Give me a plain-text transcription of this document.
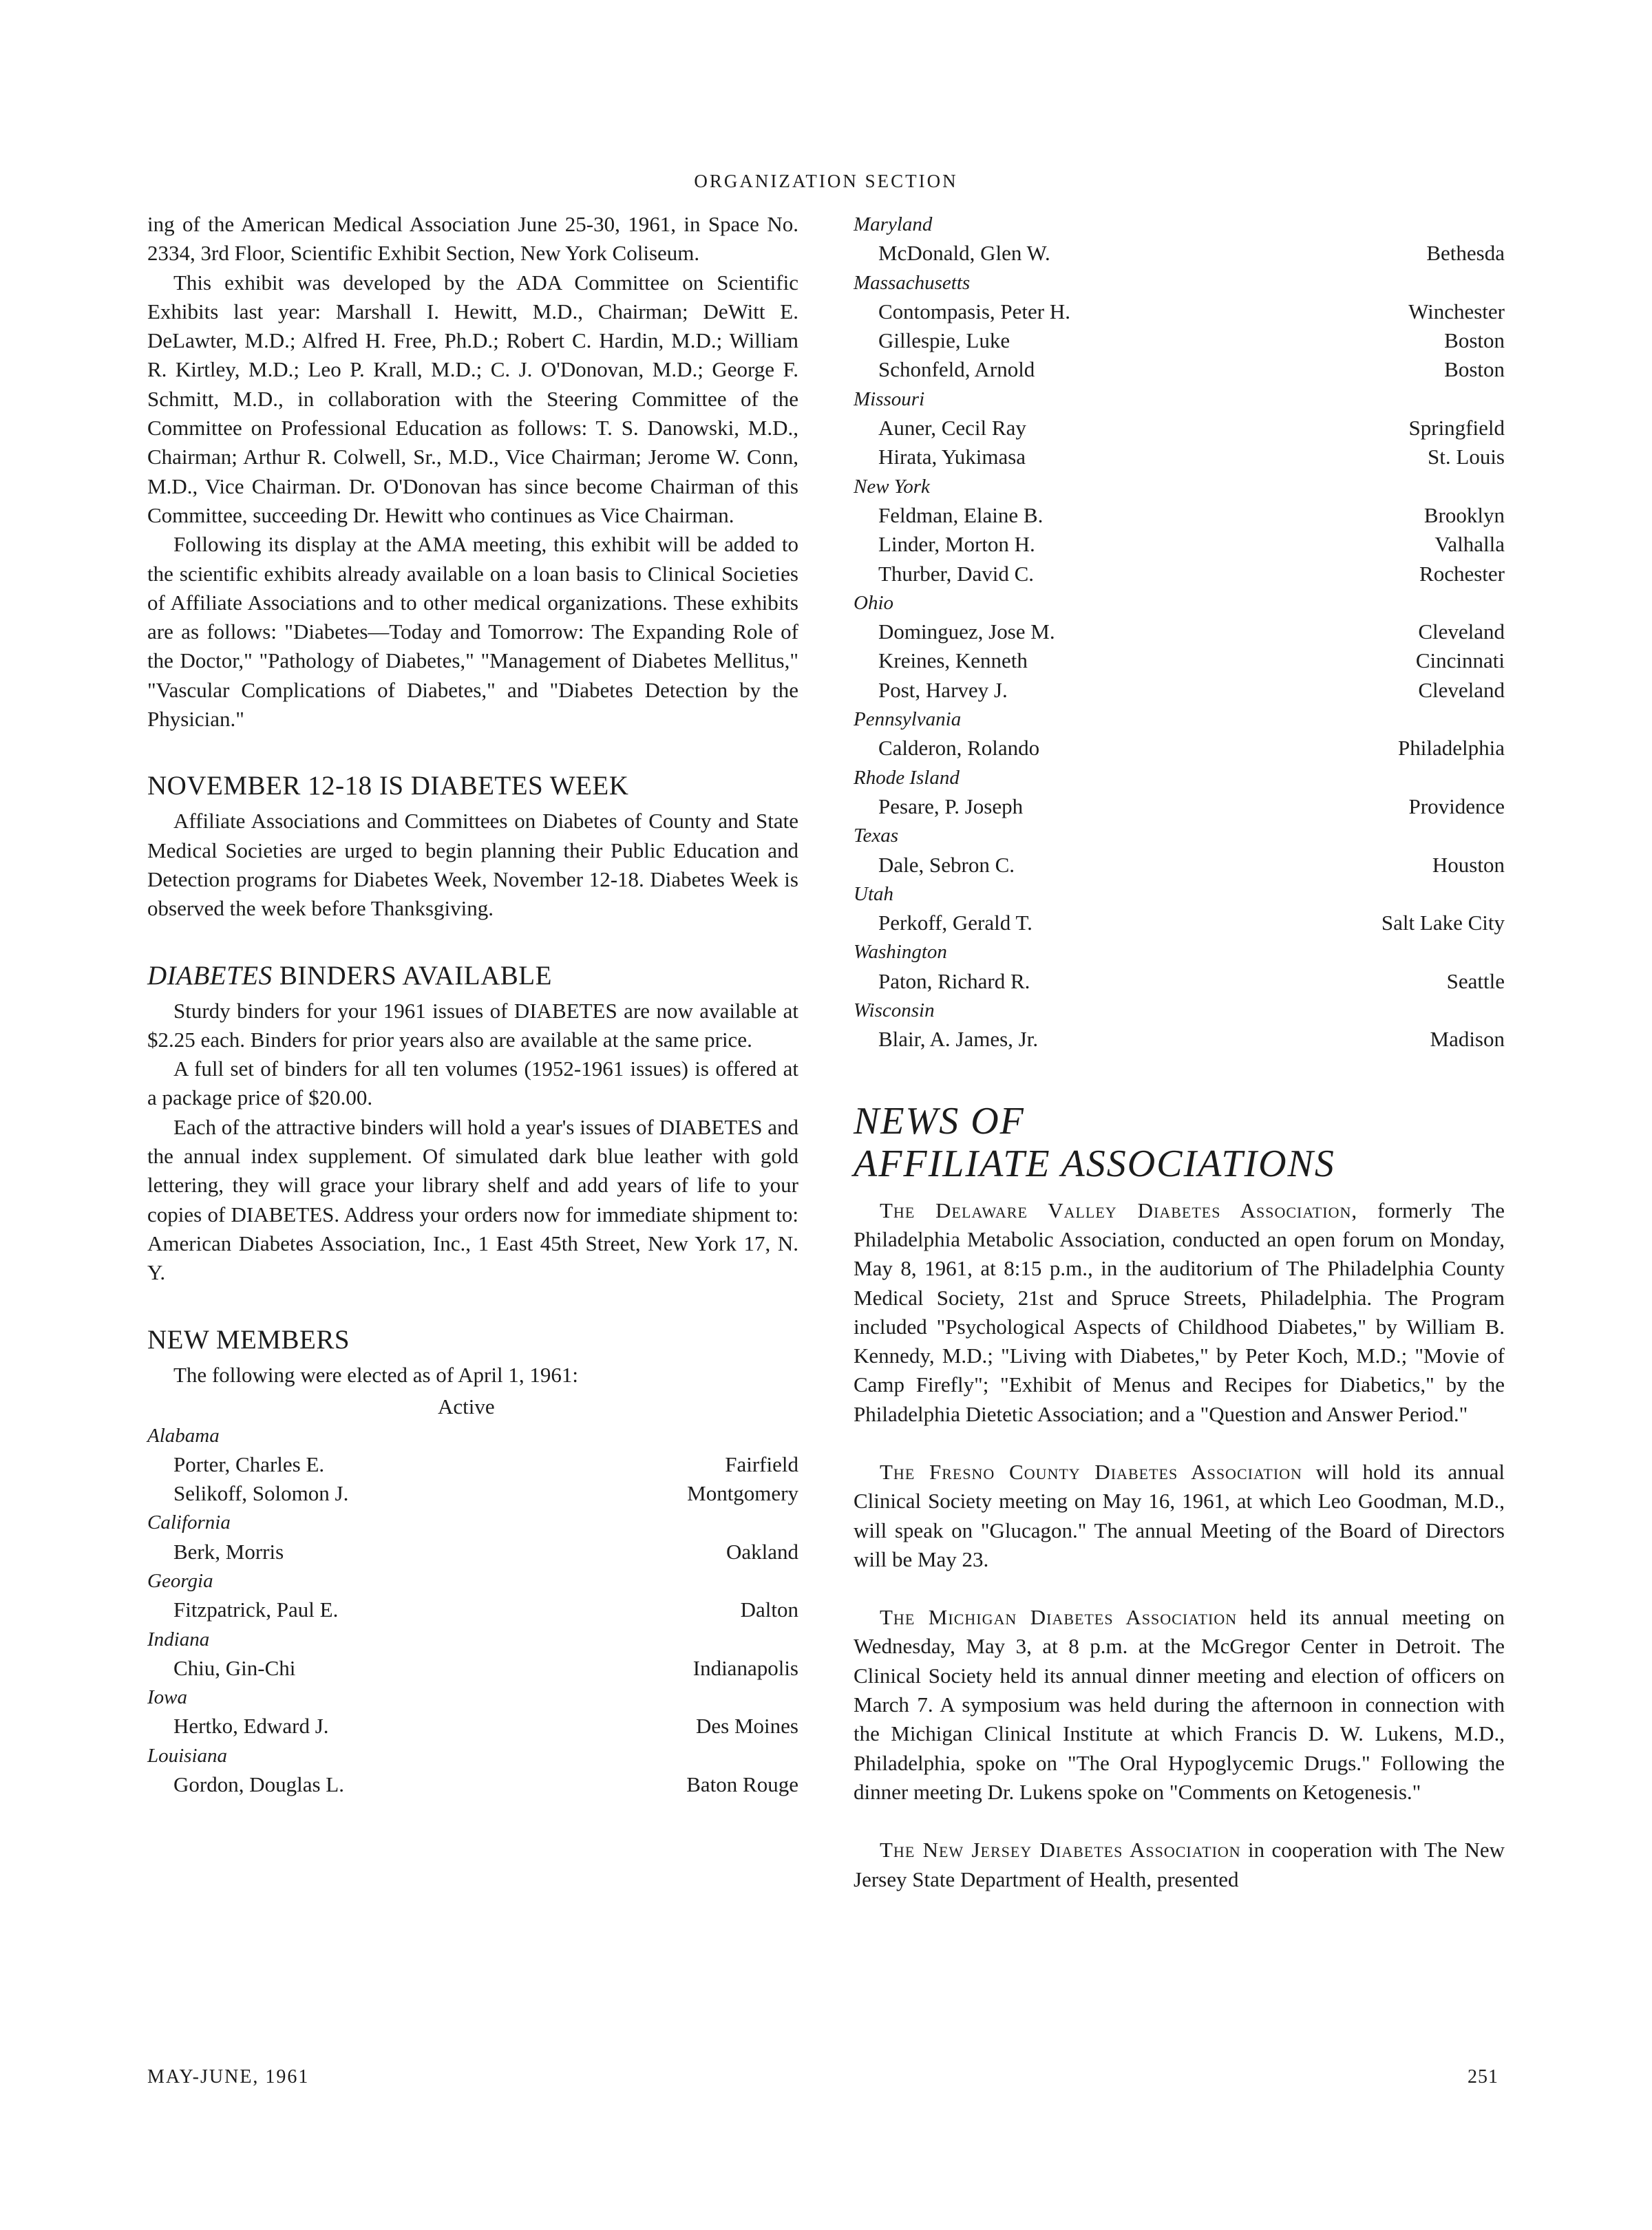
ORGANIZATION SECTION

ing of the American Medical Association June 25-30, 1961, in Space No. 2334, 3rd Floor, Scientific Exhibit Section, New York Coliseum.

This exhibit was developed by the ADA Committee on Scientific Exhibits last year: Marshall I. Hewitt, M.D., Chairman; DeWitt E. DeLawter, M.D.; Alfred H. Free, Ph.D.; Robert C. Hardin, M.D.; William R. Kirtley, M.D.; Leo P. Krall, M.D.; C. J. O'Donovan, M.D.; George F. Schmitt, M.D., in collaboration with the Steering Committee of the Committee on Professional Education as follows: T. S. Danowski, M.D., Chairman; Arthur R. Colwell, Sr., M.D., Vice Chairman; Jerome W. Conn, M.D., Vice Chairman. Dr. O'Donovan has since become Chairman of this Committee, succeeding Dr. Hewitt who continues as Vice Chairman.

Following its display at the AMA meeting, this exhibit will be added to the scientific exhibits already available on a loan basis to Clinical Societies of Affiliate Associations and to other medical organizations. These exhibits are as follows: "Diabetes—Today and Tomorrow: The Expanding Role of the Doctor," "Pathology of Diabetes," "Management of Diabetes Mellitus," "Vascular Complications of Diabetes," and "Diabetes Detection by the Physician."

NOVEMBER 12-18 IS DIABETES WEEK

Affiliate Associations and Committees on Diabetes of County and State Medical Societies are urged to begin planning their Public Education and Detection programs for Diabetes Week, November 12-18. Diabetes Week is observed the week before Thanksgiving.

DIABETES BINDERS AVAILABLE

Sturdy binders for your 1961 issues of DIABETES are now available at $2.25 each. Binders for prior years also are available at the same price.

A full set of binders for all ten volumes (1952-1961 issues) is offered at a package price of $20.00.

Each of the attractive binders will hold a year's issues of DIABETES and the annual index supplement. Of simulated dark blue leather with gold lettering, they will grace your library shelf and add years of life to your copies of DIABETES. Address your orders now for immediate shipment to: American Diabetes Association, Inc., 1 East 45th Street, New York 17, N. Y.

NEW MEMBERS
The following were elected as of April 1, 1961:
Active
Alabama
Porter, Charles E.	Fairfield
Selikoff, Solomon J.	Montgomery
California
Berk, Morris	Oakland
Georgia
Fitzpatrick, Paul E.	Dalton
Indiana
Chiu, Gin-Chi	Indianapolis
Iowa
Hertko, Edward J.	Des Moines
Louisiana
Gordon, Douglas L.	Baton Rouge
Maryland
McDonald, Glen W.	Bethesda
Massachusetts
Contompasis, Peter H.	Winchester
Gillespie, Luke	Boston
Schonfeld, Arnold	Boston
Missouri
Auner, Cecil Ray	Springfield
Hirata, Yukimasa	St. Louis
New York
Feldman, Elaine B.	Brooklyn
Linder, Morton H.	Valhalla
Thurber, David C.	Rochester
Ohio
Dominguez, Jose M.	Cleveland
Kreines, Kenneth	Cincinnati
Post, Harvey J.	Cleveland
Pennsylvania
Calderon, Rolando	Philadelphia
Rhode Island
Pesare, P. Joseph	Providence
Texas
Dale, Sebron C.	Houston
Utah
Perkoff, Gerald T.	Salt Lake City
Washington
Paton, Richard R.	Seattle
Wisconsin
Blair, A. James, Jr.	Madison
NEWS OF
AFFILIATE ASSOCIATIONS

The Delaware Valley Diabetes Association, formerly The Philadelphia Metabolic Association, conducted an open forum on Monday, May 8, 1961, at 8:15 p.m., in the auditorium of The Philadelphia County Medical Society, 21st and Spruce Streets, Philadelphia. The Program included "Psychological Aspects of Childhood Diabetes," by William B. Kennedy, M.D.; "Living with Diabetes," by Peter Koch, M.D.; "Movie of Camp Firefly"; "Exhibit of Menus and Recipes for Diabetics," by the Philadelphia Dietetic Association; and a "Question and Answer Period."

The Fresno County Diabetes Association will hold its annual Clinical Society meeting on May 16, 1961, at which Leo Goodman, M.D., will speak on "Glucagon." The annual Meeting of the Board of Directors will be May 23.

The Michigan Diabetes Association held its annual meeting on Wednesday, May 3, at 8 p.m. at the McGregor Center in Detroit. The Clinical Society held its annual dinner meeting and election of officers on March 7. A symposium was held during the afternoon in connection with the Michigan Clinical Institute at which Francis D. W. Lukens, M.D., Philadelphia, spoke on "The Oral Hypoglycemic Drugs." Following the dinner meeting Dr. Lukens spoke on "Comments on Ketogenesis."

The New Jersey Diabetes Association in cooperation with The New Jersey State Department of Health, presented

MAY-JUNE, 1961	251
